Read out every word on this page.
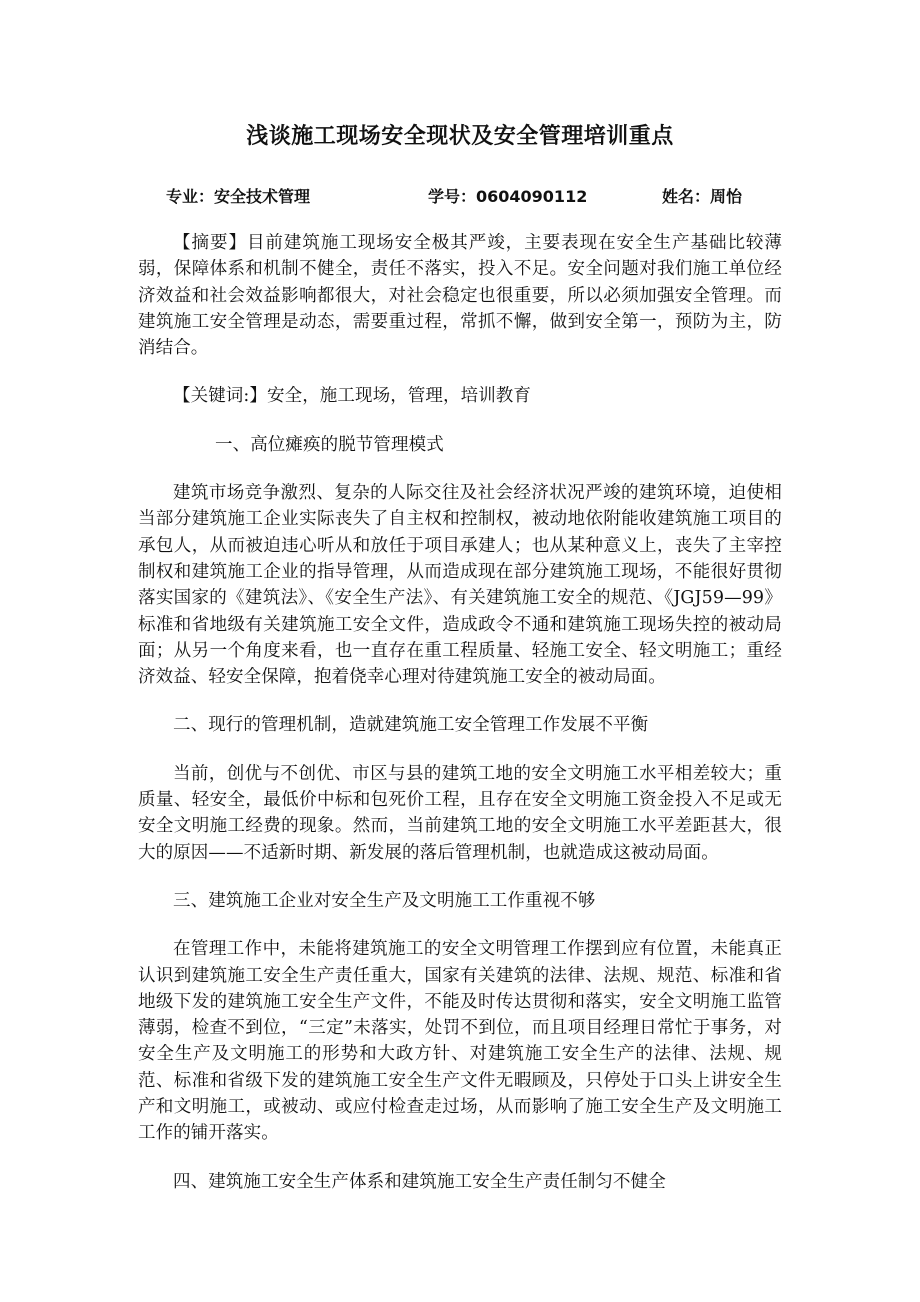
浅谈施工现场安全现状及安全管理培训重点
专业：安全技术管理	学号：0604090112	姓名：周怡

【摘要】目前建筑施工现场安全极其严竣，主要表现在安全生产基础比较薄弱，保障体系和机制不健全，责任不落实，投入不足。安全问题对我们施工单位经济效益和社会效益影响都很大，对社会稳定也很重要，所以必须加强安全管理。而建筑施工安全管理是动态，需要重过程，常抓不懈，做到安全第一，预防为主，防消结合。

【关键词:】安全，施工现场，管理，培训教育

一、高位瘫痪的脱节管理模式

建筑市场竞争激烈、复杂的人际交往及社会经济状况严竣的建筑环境，迫使相当部分建筑施工企业实际丧失了自主权和控制权，被动地依附能收建筑施工项目的承包人，从而被迫违心听从和放任于项目承建人；也从某种意义上，丧失了主宰控制权和建筑施工企业的指导管理，从而造成现在部分建筑施工现场，不能很好贯彻落实国家的《建筑法》、《安全生产法》、有关建筑施工安全的规范、《JGJ59—99》标准和省地级有关建筑施工安全文件，造成政令不通和建筑施工现场失控的被动局面；从另一个角度来看，也一直存在重工程质量、轻施工安全、轻文明施工；重经济效益、轻安全保障，抱着侥幸心理对待建筑施工安全的被动局面。

二、现行的管理机制，造就建筑施工安全管理工作发展不平衡

当前，创优与不创优、市区与县的建筑工地的安全文明施工水平相差较大；重质量、轻安全，最低价中标和包死价工程，且存在安全文明施工资金投入不足或无安全文明施工经费的现象。然而，当前建筑工地的安全文明施工水平差距甚大，很大的原因——不适新时期、新发展的落后管理机制，也就造成这被动局面。

三、建筑施工企业对安全生产及文明施工工作重视不够

在管理工作中，未能将建筑施工的安全文明管理工作摆到应有位置，未能真正认识到建筑施工安全生产责任重大，国家有关建筑的法律、法规、规范、标准和省地级下发的建筑施工安全生产文件，不能及时传达贯彻和落实，安全文明施工监管薄弱，检查不到位，“三定”未落实，处罚不到位，而且项目经理日常忙于事务，对安全生产及文明施工的形势和大政方针、对建筑施工安全生产的法律、法规、规范、标准和省级下发的建筑施工安全生产文件无暇顾及，只停处于口头上讲安全生产和文明施工，或被动、或应付检查走过场，从而影响了施工安全生产及文明施工工作的铺开落实。

四、建筑施工安全生产体系和建筑施工安全生产责任制匀不健全
